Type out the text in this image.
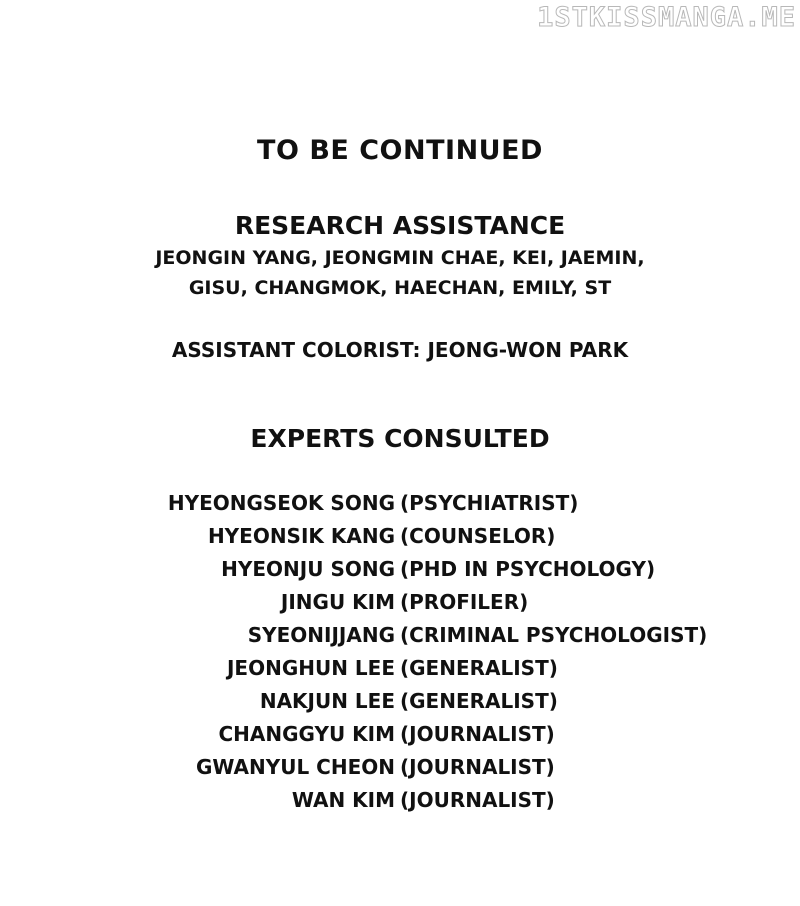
1STKISSMANGA.ME
TO BE CONTINUED
RESEARCH ASSISTANCE
JEONGIN YANG, JEONGMIN CHAE, KEI, JAEMIN,
GISU, CHANGMOK, HAECHAN, EMILY, ST
ASSISTANT COLORIST: JEONG-WON PARK
EXPERTS CONSULTED
HYEONGSEOK SONG (PSYCHIATRIST)
HYEONSIK KANG (COUNSELOR)
HYEONJU SONG (PHD IN PSYCHOLOGY)
JINGU KIM (PROFILER)
SYEONIJJANG (CRIMINAL PSYCHOLOGIST)
JEONGHUN LEE (GENERALIST)
NAKJUN LEE (GENERALIST)
CHANGGYU KIM (JOURNALIST)
GWANYUL CHEON (JOURNALIST)
WAN KIM (JOURNALIST)
